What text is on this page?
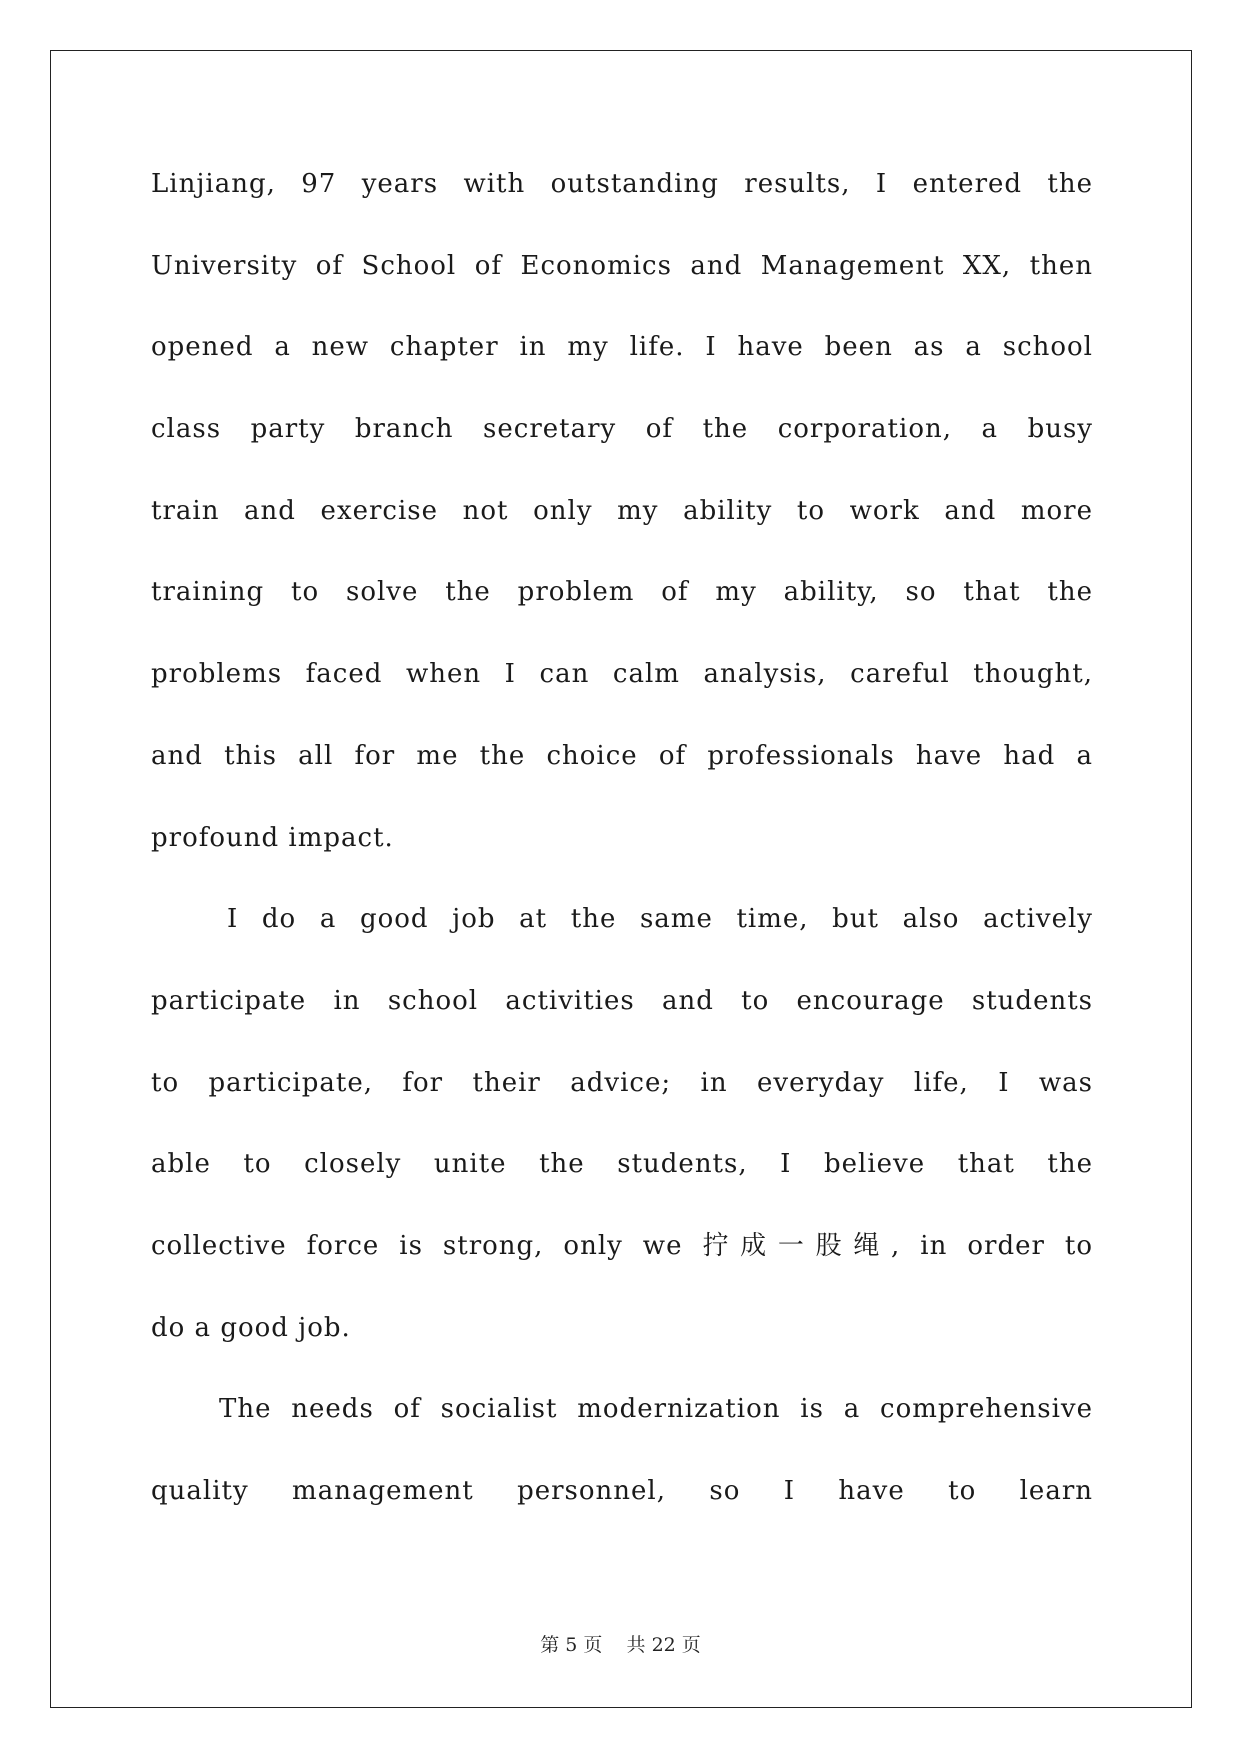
Linjiang, 97 years with outstanding results, I entered the
University of School of Economics and Management XX, then
opened a new chapter in my life. I have been as a school
class party branch secretary of the corporation, a busy
train and exercise not only my ability to work and more
training to solve the problem of my ability, so that the
problems faced when I can calm analysis, careful thought,
and this all for me the choice of professionals have had a
profound impact.
I do a good job at the same time, but also actively
participate in school activities and to encourage students
to participate, for their advice; in everyday life, I was
able to closely unite the students, I believe that the
collective force is strong, only we 拧成一股绳, in order to
do a good job.
The needs of socialist modernization is a comprehensive
quality management personnel, so I have to learn
第 5 页    共 22 页
